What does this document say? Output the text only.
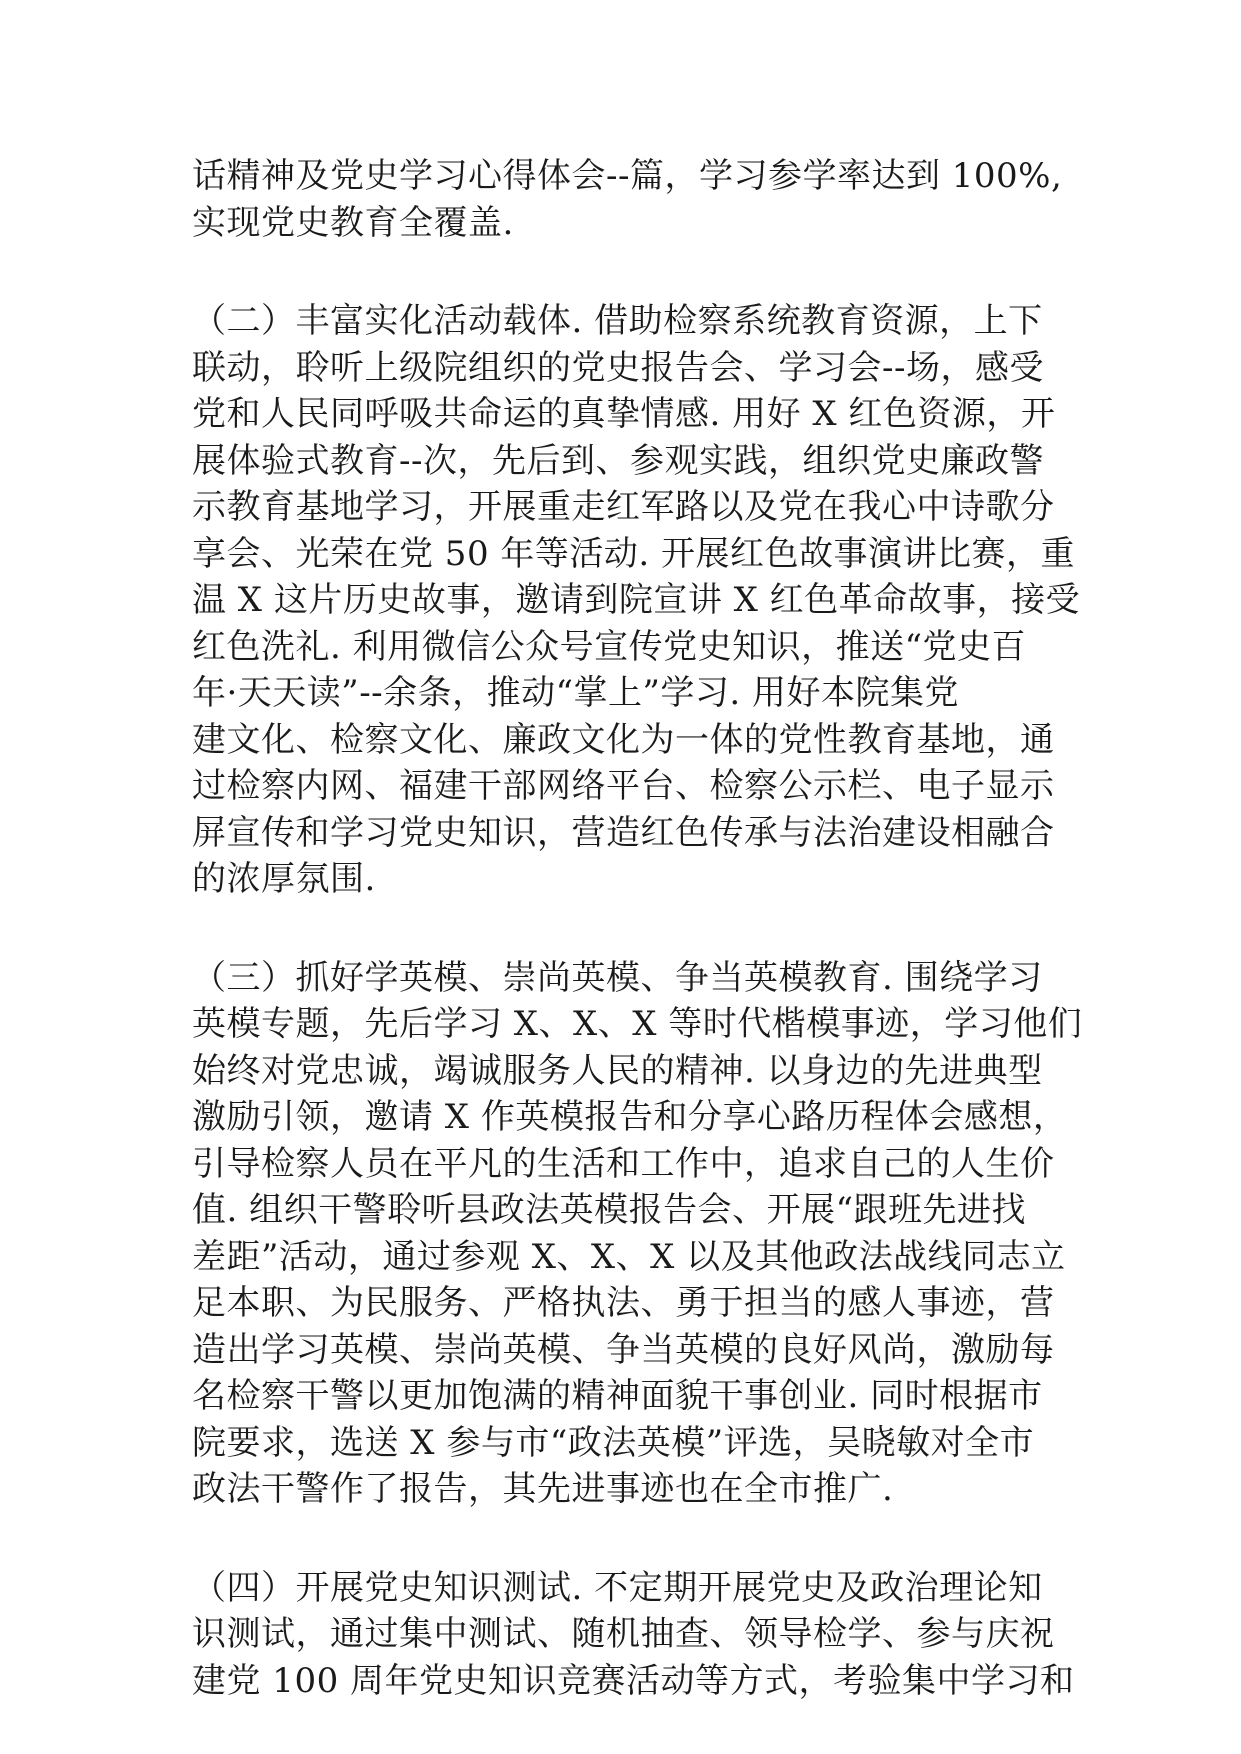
话精神及党史学习心得体会--篇，学习参学率达到 100%,
实现党史教育全覆盖.
（二）丰富实化活动载体. 借助检察系统教育资源，上下
联动，聆听上级院组织的党史报告会、学习会--场，感受
党和人民同呼吸共命运的真挚情感. 用好 X 红色资源，开
展体验式教育--次，先后到、参观实践，组织党史廉政警
示教育基地学习，开展重走红军路以及党在我心中诗歌分
享会、光荣在党 50 年等活动. 开展红色故事演讲比赛，重
温 X 这片历史故事，邀请到院宣讲 X 红色革命故事，接受
红色洗礼. 利用微信公众号宣传党史知识，推送“党史百
年·天天读”--余条，推动“掌上”学习. 用好本院集党
建文化、检察文化、廉政文化为一体的党性教育基地，通
过检察内网、福建干部网络平台、检察公示栏、电子显示
屏宣传和学习党史知识，营造红色传承与法治建设相融合
的浓厚氛围.
（三）抓好学英模、崇尚英模、争当英模教育. 围绕学习
英模专题，先后学习 X、X、X 等时代楷模事迹，学习他们
始终对党忠诚，竭诚服务人民的精神. 以身边的先进典型
激励引领，邀请 X 作英模报告和分享心路历程体会感想，
引导检察人员在平凡的生活和工作中，追求自己的人生价
值. 组织干警聆听县政法英模报告会、开展“跟班先进找
差距”活动，通过参观 X、X、X 以及其他政法战线同志立
足本职、为民服务、严格执法、勇于担当的感人事迹，营
造出学习英模、崇尚英模、争当英模的良好风尚，激励每
名检察干警以更加饱满的精神面貌干事创业. 同时根据市
院要求，选送 X 参与市“政法英模”评选，吴晓敏对全市
政法干警作了报告，其先进事迹也在全市推广.
（四）开展党史知识测试. 不定期开展党史及政治理论知
识测试，通过集中测试、随机抽查、领导检学、参与庆祝
建党 100 周年党史知识竞赛活动等方式，考验集中学习和
